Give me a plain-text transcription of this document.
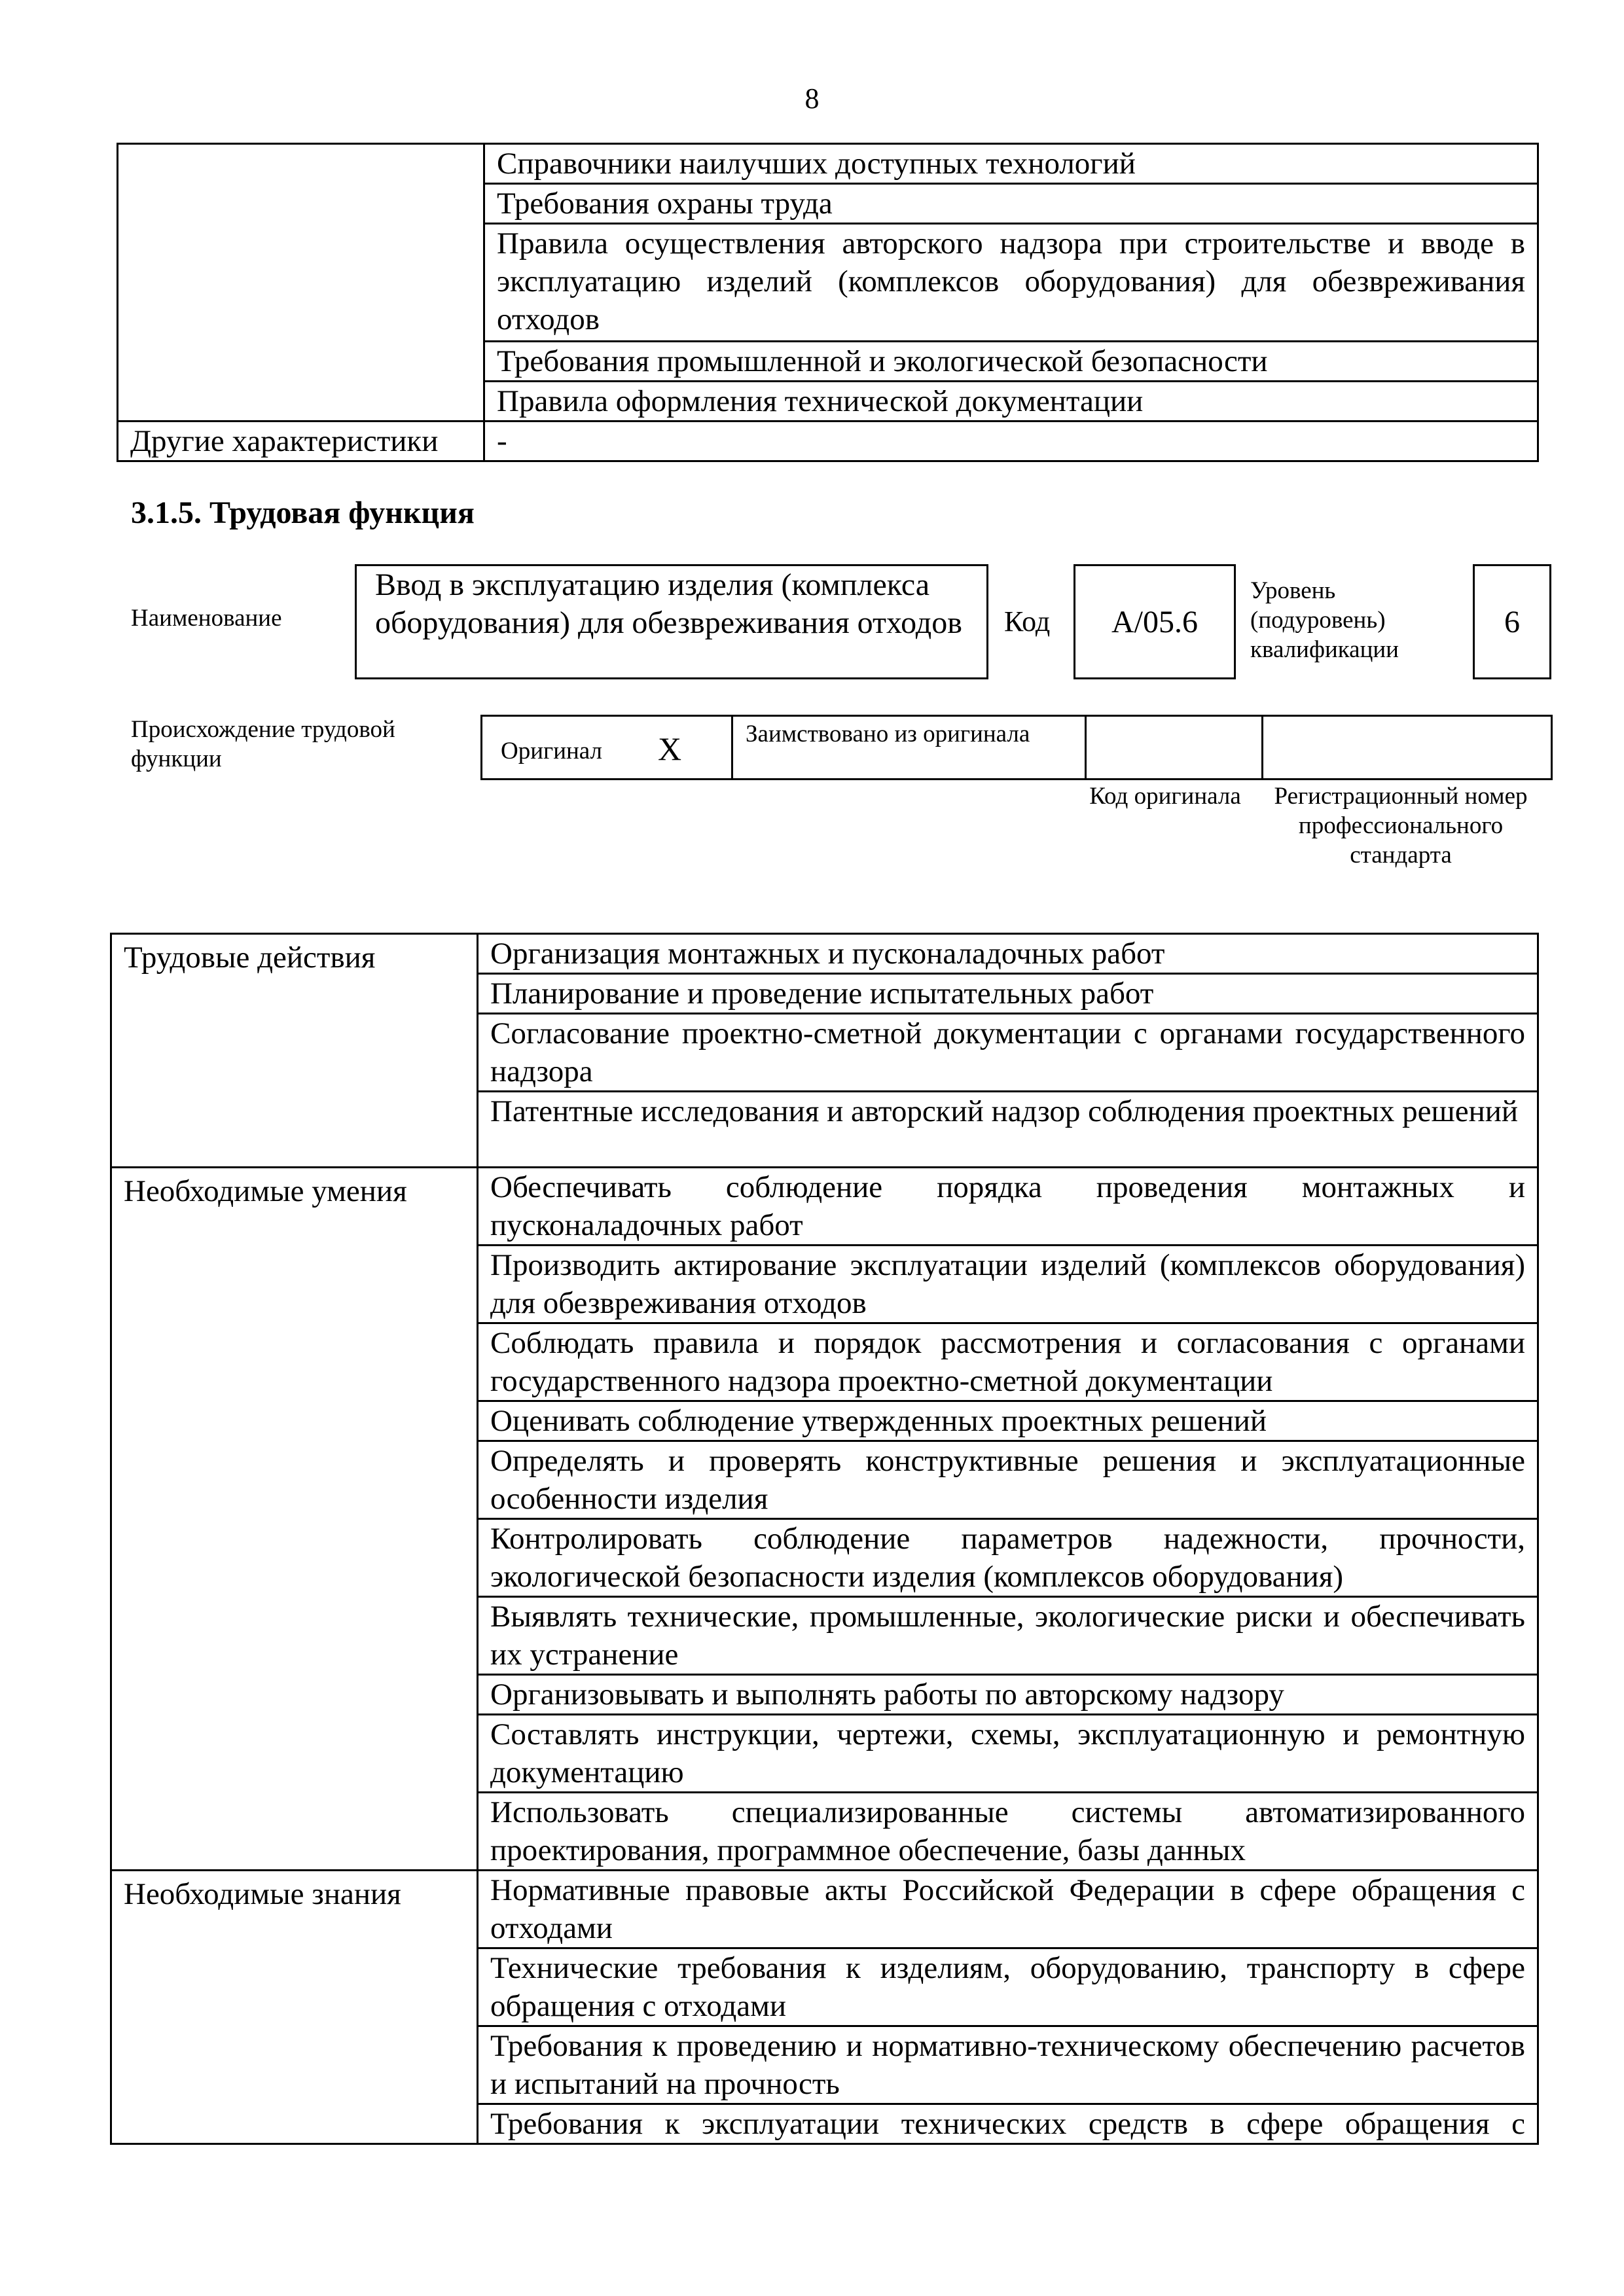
8
	Справочники наилучших доступных технологий
	Требования охраны труда
	Правила осуществления авторского надзора при строительстве и вводе в эксплуатацию изделий (комплексов оборудования) для обезвреживания отходов
	Требования промышленной и экологической безопасности
	Правила оформления технической документации
Другие характеристики	-
3.1.5. Трудовая функция
Наименование
Ввод в эксплуатацию изделия (комплекса оборудования) для обезвреживания отходов Код А/05.6
Уровень (подуровень) квалификации
6
Происхождение трудовой функции	Оригинал X	Заимствовано из оригинала
Код оригинала	Регистрационный номер профессионального стандарта
Трудовые действия	Организация монтажных и пусконаладочных работ
	Планирование и проведение испытательных работ
	Согласование проектно-сметной документации с органами государственного надзора
	Патентные исследования и авторский надзор соблюдения проектных решений
Необходимые умения	Обеспечивать соблюдение порядка проведения монтажных и пусконаладочных работ
	Производить актирование эксплуатации изделий (комплексов оборудования) для обезвреживания отходов
	Соблюдать правила и порядок рассмотрения и согласования с органами государственного надзора проектно-сметной документации
	Оценивать соблюдение утвержденных проектных решений
	Определять и проверять конструктивные решения и эксплуатационные особенности изделия
	Контролировать соблюдение параметров надежности, прочности, экологической безопасности изделия (комплексов оборудования)
	Выявлять технические, промышленные, экологические риски и обеспечивать их устранение
	Организовывать и выполнять работы по авторскому надзору
	Составлять инструкции, чертежи, схемы, эксплуатационную и ремонтную документацию
	Использовать специализированные системы автоматизированного проектирования, программное обеспечение, базы данных
Необходимые знания	Нормативные правовые акты Российской Федерации в сфере обращения с отходами
	Технические требования к изделиям, оборудованию, транспорту в сфере обращения с отходами
	Требования к проведению и нормативно-техническому обеспечению расчетов и испытаний на прочность
	Требования к эксплуатации технических средств в сфере обращения с
